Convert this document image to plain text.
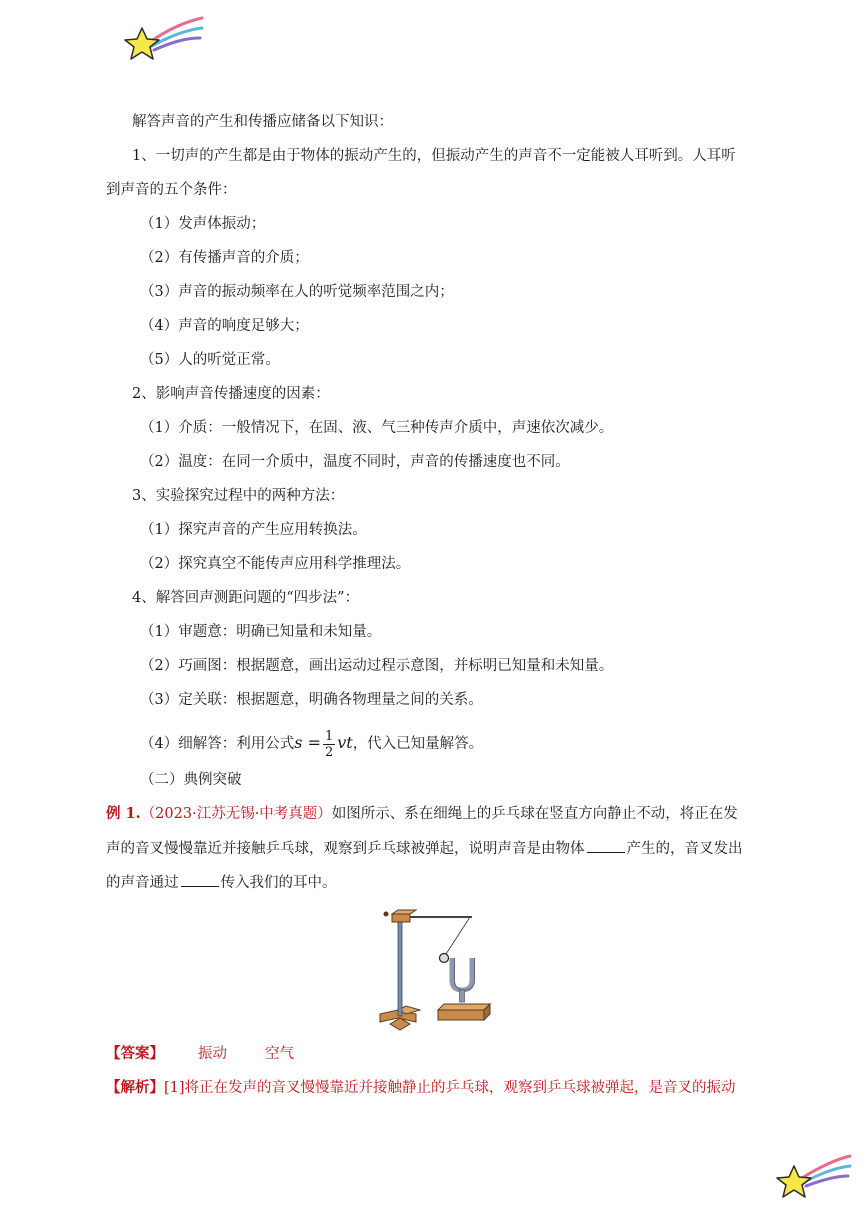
解答声音的产生和传播应储备以下知识：
1、一切声的产生都是由于物体的振动产生的，但振动产生的声音不一定能被人耳听到。人耳听
到声音的五个条件：
（1）发声体振动；
（2）有传播声音的介质；
（3）声音的振动频率在人的听觉频率范围之内；
（4）声音的响度足够大；
（5）人的听觉正常。
2、影响声音传播速度的因素：
（1）介质：一般情况下，在固、液、气三种传声介质中，声速依次减少。
（2）温度：在同一介质中，温度不同时，声音的传播速度也不同。
3、实验探究过程中的两种方法：
（1）探究声音的产生应用转换法。
（2）探究真空不能传声应用科学推理法。
4、解答回声测距问题的“四步法”：
（1）审题意：明确已知量和未知量。
（2）巧画图：根据题意，画出运动过程示意图，并标明已知量和未知量。
（3）定关联：根据题意，明确各物理量之间的关系。
（4）细解答：利用公式$s = \frac{1}{2}$ vt，代入已知量解答。
（二）典例突破
例 1.（2023·江苏无锡·中考真题）如图所示、系在细绳上的乒乓球在竖直方向静止不动，将正在发
声的音叉慢慢靠近并接触乒乓球，观察到乒乓球被弹起，说明声音是由物体	产生的，音叉发出
的声音通过	传入我们的耳中。
【答案】 振动	空气
【解析】[1]将正在发声的音叉慢慢靠近并接触静止的乒乓球，观察到乒乓球被弹起，是音叉的振动
